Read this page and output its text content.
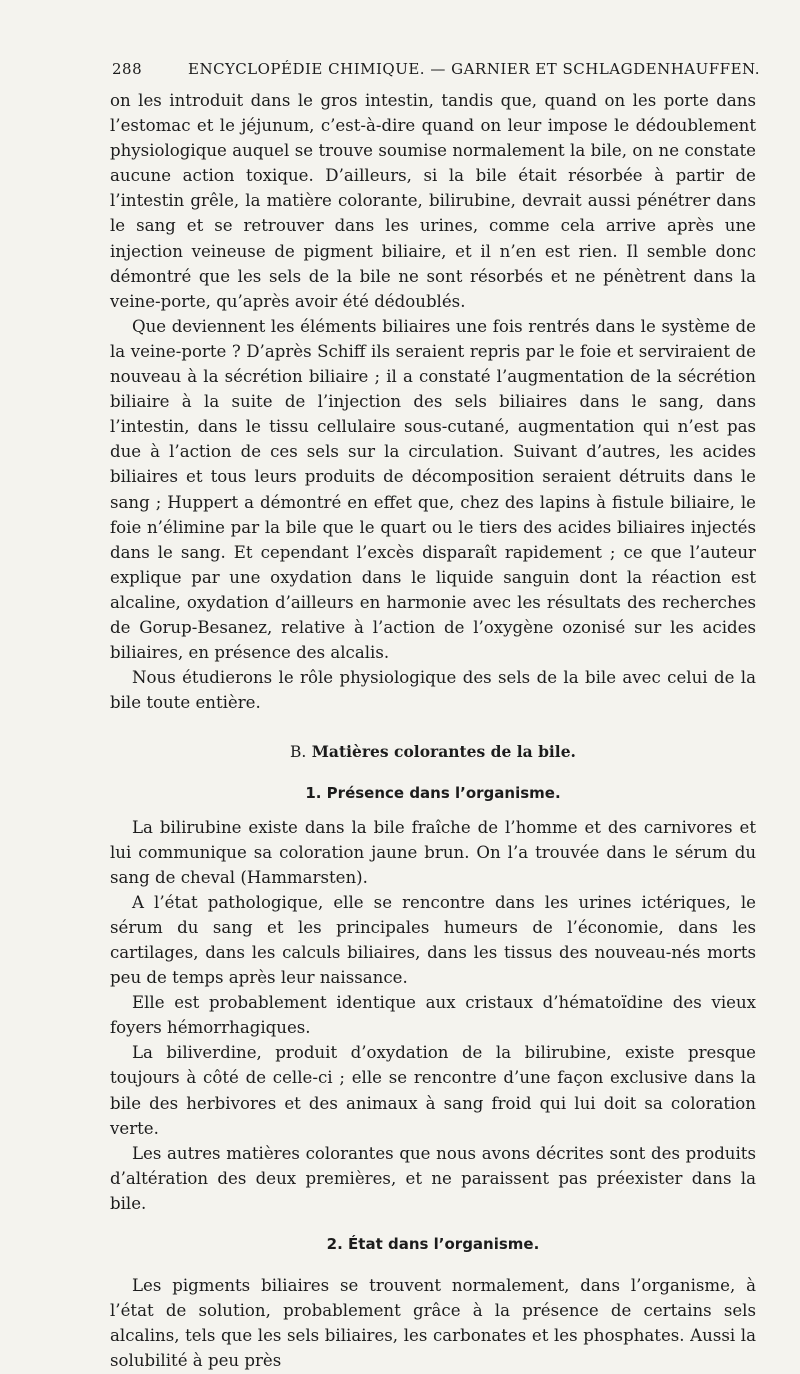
288	ENCYCLOPÉDIE CHIMIQUE. — GARNIER ET SCHLAGDENHAUFFEN.

on les introduit dans le gros intestin, tandis que, quand on les porte dans l’estomac et le jéjunum, c’est-à-dire quand on leur impose le dédoublement physiologique auquel se trouve soumise normalement la bile, on ne constate aucune action toxique. D’ailleurs, si la bile était résorbée à partir de l’intestin grêle, la matière colorante, bilirubine, devrait aussi pénétrer dans le sang et se retrouver dans les urines, comme cela arrive après une injection veineuse de pigment biliaire, et il n’en est rien. Il semble donc démontré que les sels de la bile ne sont résorbés et ne pénètrent dans la veine-porte, qu’après avoir été dédoublés.

Que deviennent les éléments biliaires une fois rentrés dans le système de la veine-porte ? D’après Schiff ils seraient repris par le foie et serviraient de nouveau à la sécrétion biliaire ; il a constaté l’augmentation de la sécrétion biliaire à la suite de l’injection des sels biliaires dans le sang, dans l’intestin, dans le tissu cellulaire sous-cutané, augmentation qui n’est pas due à l’action de ces sels sur la circulation. Suivant d’autres, les acides biliaires et tous leurs produits de décomposition seraient détruits dans le sang ; Huppert a démontré en effet que, chez des lapins à fistule biliaire, le foie n’élimine par la bile que le quart ou le tiers des acides biliaires injectés dans le sang. Et cependant l’excès disparaît rapidement ; ce que l’auteur explique par une oxydation dans le liquide sanguin dont la réaction est alcaline, oxydation d’ailleurs en harmonie avec les résultats des recherches de Gorup-Besanez, relative à l’action de l’oxygène ozonisé sur les acides biliaires, en présence des alcalis.

Nous étudierons le rôle physiologique des sels de la bile avec celui de la bile toute entière.

B. Matières colorantes de la bile.
1. Présence dans l’organisme.

La bilirubine existe dans la bile fraîche de l’homme et des carnivores et lui communique sa coloration jaune brun. On l’a trouvée dans le sérum du sang de cheval (Hammarsten).

A l’état pathologique, elle se rencontre dans les urines ictériques, le sérum du sang et les principales humeurs de l’économie, dans les cartilages, dans les calculs biliaires, dans les tissus des nouveau-nés morts peu de temps après leur naissance.

Elle est probablement identique aux cristaux d’hématoïdine des vieux foyers hémorrhagiques.

La biliverdine, produit d’oxydation de la bilirubine, existe presque toujours à côté de celle-ci ; elle se rencontre d’une façon exclusive dans la bile des herbivores et des animaux à sang froid qui lui doit sa coloration verte.

Les autres matières colorantes que nous avons décrites sont des produits d’altération des deux premières, et ne paraissent pas préexister dans la bile.

2. État dans l’organisme.

Les pigments biliaires se trouvent normalement, dans l’organisme, à l’état de solution, probablement grâce à la présence de certains sels alcalins, tels que les sels biliaires, les carbonates et les phosphates. Aussi la solubilité à peu près
